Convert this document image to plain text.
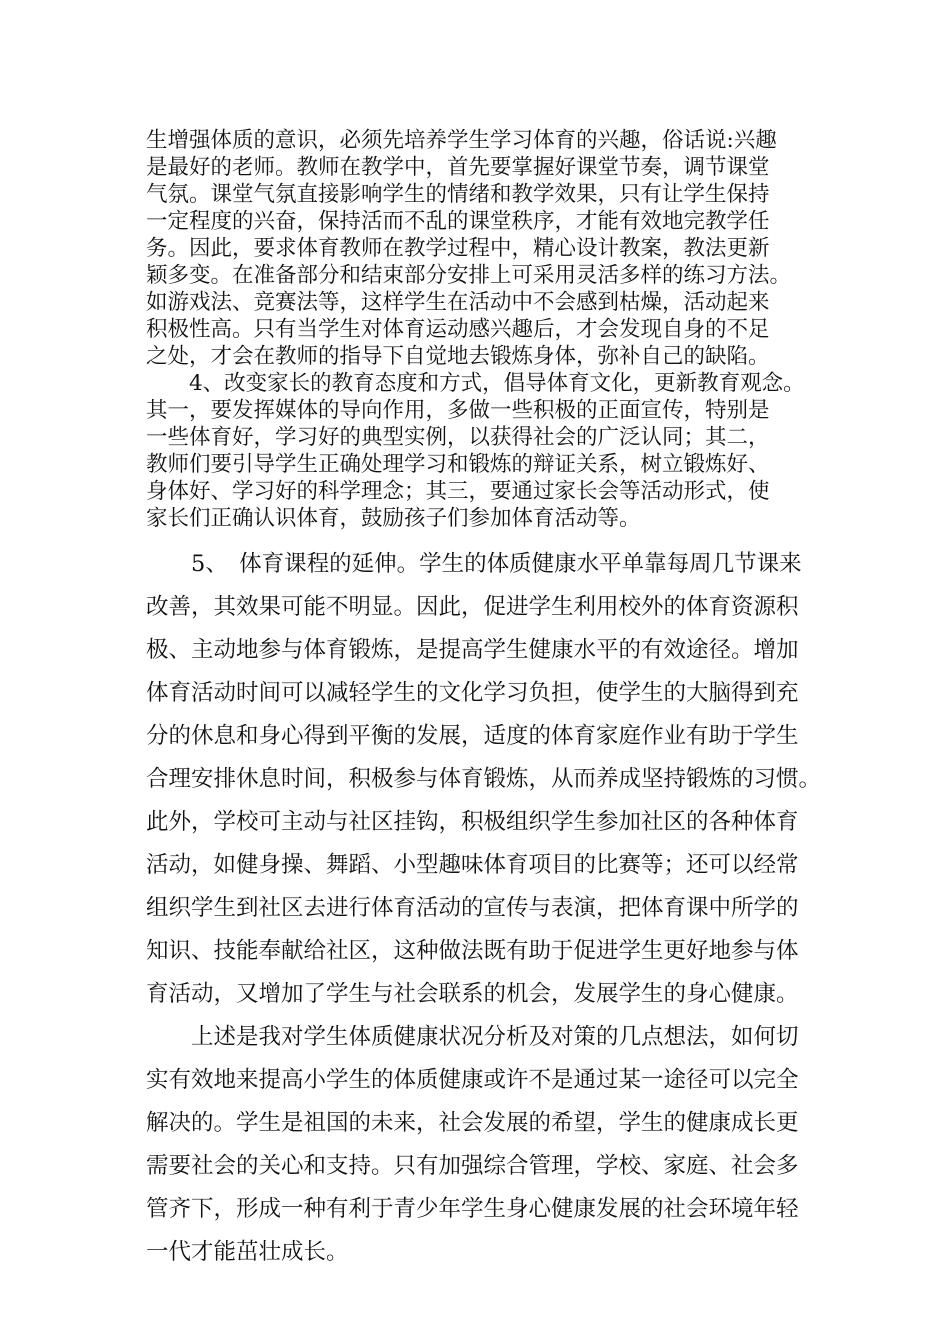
生增强体质的意识，必须先培养学生学习体育的兴趣，俗话说:兴趣

是最好的老师。教师在教学中，首先要掌握好课堂节奏，调节课堂

气氛。课堂气氛直接影响学生的情绪和教学效果，只有让学生保持

一定程度的兴奋，保持活而不乱的课堂秩序，才能有效地完教学任

务。因此，要求体育教师在教学过程中，精心设计教案，教法更新

颖多变。在准备部分和结束部分安排上可采用灵活多样的练习方法。

如游戏法、竞赛法等，这样学生在活动中不会感到枯燥，活动起来

积极性高。只有当学生对体育运动感兴趣后，才会发现自身的不足

之处，才会在教师的指导下自觉地去锻炼身体，弥补自己的缺陷。

　　4、改变家长的教育态度和方式，倡导体育文化，更新教育观念。

其一，要发挥媒体的导向作用，多做一些积极的正面宣传，特别是

一些体育好，学习好的典型实例，以获得社会的广泛认同；其二，

教师们要引导学生正确处理学习和锻炼的辩证关系，树立锻炼好、

身体好、学习好的科学理念；其三，要通过家长会等活动形式，使

家长们正确认识体育，鼓励孩子们参加体育活动等。

　　5、　体育课程的延伸。学生的体质健康水平单靠每周几节课来

改善，其效果可能不明显。因此，促进学生利用校外的体育资源积

极、主动地参与体育锻炼，是提高学生健康水平的有效途径。增加

体育活动时间可以减轻学生的文化学习负担，使学生的大脑得到充

分的休息和身心得到平衡的发展，适度的体育家庭作业有助于学生

合理安排休息时间，积极参与体育锻炼，从而养成坚持锻炼的习惯。

此外，学校可主动与社区挂钩，积极组织学生参加社区的各种体育

活动，如健身操、舞蹈、小型趣味体育项目的比赛等；还可以经常

组织学生到社区去进行体育活动的宣传与表演，把体育课中所学的

知识、技能奉献给社区，这种做法既有助于促进学生更好地参与体

育活动，又增加了学生与社会联系的机会，发展学生的身心健康。

　　上述是我对学生体质健康状况分析及对策的几点想法，如何切

实有效地来提高小学生的体质健康或许不是通过某一途径可以完全

解决的。学生是祖国的未来，社会发展的希望，学生的健康成长更

需要社会的关心和支持。只有加强综合管理，学校、家庭、社会多

管齐下，形成一种有利于青少年学生身心健康发展的社会环境年轻

一代才能茁壮成长。
